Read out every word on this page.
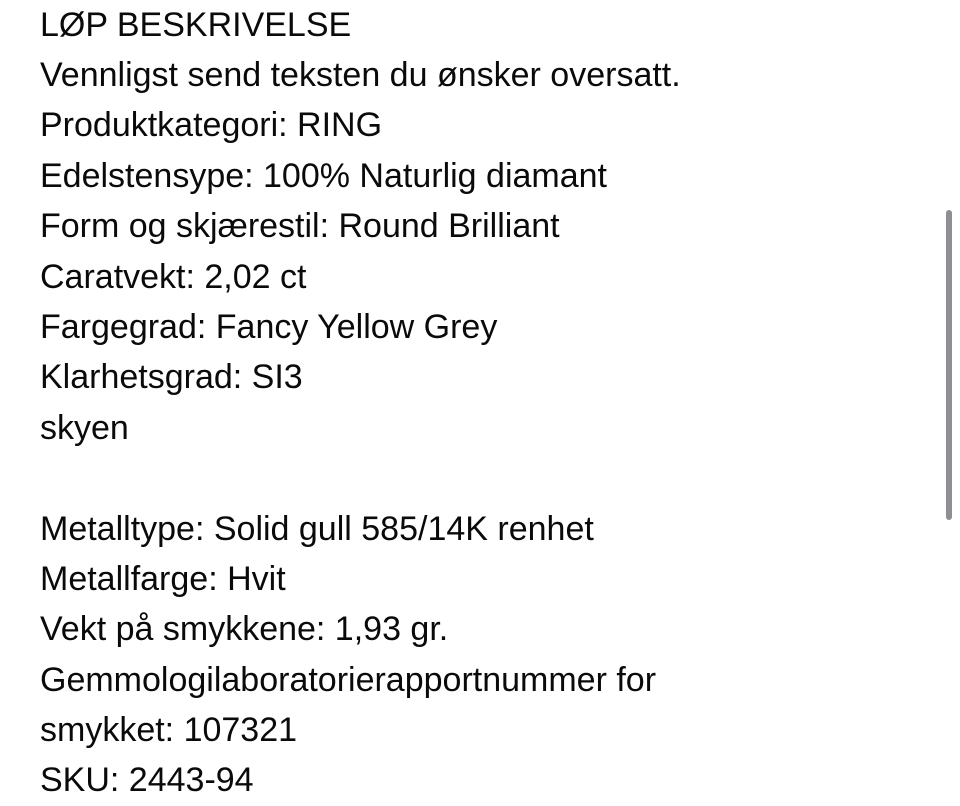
LØP BESKRIVELSE
Vennligst send teksten du ønsker oversatt.
Produktkategori: RING
Edelstensype: 100% Naturlig diamant
Form og skjærestil: Round Brilliant
Caratvekt: 2,02 ct
Fargegrad: Fancy Yellow Grey
Klarhetsgrad: SI3
skyen
Metalltype: Solid gull 585/14K renhet
Metallfarge: Hvit
Vekt på smykkene: 1,93 gr.
Gemmologilaboratorierapportnummer for
smykket: 107321
SKU: 2443-94
